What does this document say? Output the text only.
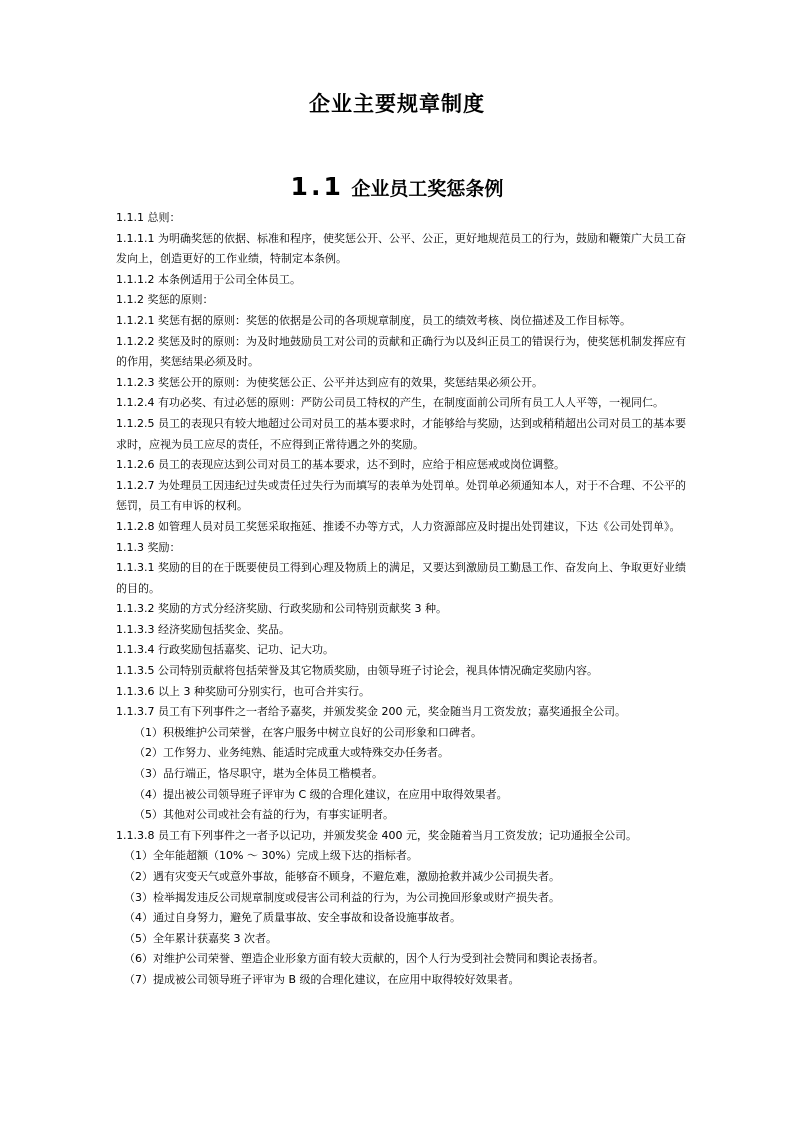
企业主要规章制度
1.1 企业员工奖惩条例

1.1.1 总则：

1.1.1.1 为明确奖惩的依据、标准和程序，使奖惩公开、公平、公正，更好地规范员工的行为，鼓励和鞭策广大员工奋发向上，创造更好的工作业绩，特制定本条例。

1.1.1.2 本条例适用于公司全体员工。

1.1.2 奖惩的原则：

1.1.2.1 奖惩有据的原则：奖惩的依据是公司的各项规章制度，员工的绩效考核、岗位描述及工作目标等。

1.1.2.2 奖惩及时的原则：为及时地鼓励员工对公司的贡献和正确行为以及纠正员工的错误行为，使奖惩机制发挥应有的作用，奖惩结果必须及时。

1.1.2.3 奖惩公开的原则：为使奖惩公正、公平并达到应有的效果，奖惩结果必须公开。

1.1.2.4 有功必奖、有过必惩的原则：严防公司员工特权的产生，在制度面前公司所有员工人人平等，一视同仁。

1.1.2.5 员工的表现只有较大地超过公司对员工的基本要求时，才能够给与奖励，达到或稍稍超出公司对员工的基本要求时，应视为员工应尽的责任，不应得到正常待遇之外的奖励。

1.1.2.6 员工的表现应达到公司对员工的基本要求，达不到时，应给于相应惩戒或岗位调整。

1.1.2.7 为处理员工因违纪过失或责任过失行为而填写的表单为处罚单。处罚单必须通知本人，对于不合理、不公平的惩罚，员工有申诉的权利。

1.1.2.8 如管理人员对员工奖惩采取拖延、推诿不办等方式，人力资源部应及时提出处罚建议，下达《公司处罚单》。

1.1.3 奖励：

1.1.3.1 奖励的目的在于既要使员工得到心理及物质上的满足，又要达到激励员工勤恳工作、奋发向上、争取更好业绩的目的。

1.1.3.2 奖励的方式分经济奖励、行政奖励和公司特别贡献奖 3 种。

1.1.3.3 经济奖励包括奖金、奖品。

1.1.3.4 行政奖励包括嘉奖、记功、记大功。

1.1.3.5 公司特别贡献将包括荣誉及其它物质奖励，由领导班子讨论会，视具体情况确定奖励内容。

1.1.3.6 以上 3 种奖励可分别实行，也可合并实行。

1.1.3.7 员工有下列事件之一者给予嘉奖，并颁发奖金 200 元，奖金随当月工资发放；嘉奖通报全公司。

（1）积极维护公司荣誉，在客户服务中树立良好的公司形象和口碑者。

（2）工作努力、业务纯熟、能适时完成重大或特殊交办任务者。

（3）品行端正，恪尽职守，堪为全体员工楷模者。

（4）提出被公司领导班子评审为 C 级的合理化建议，在应用中取得效果者。

（5）其他对公司或社会有益的行为，有事实证明者。

1.1.3.8 员工有下列事件之一者予以记功，并颁发奖金 400 元，奖金随着当月工资发放；记功通报全公司。

（1）全年能超额（10% ～ 30%）完成上级下达的指标者。

（2）遇有灾变天气或意外事故，能够奋不顾身，不避危难，激励抢救并减少公司损失者。

（3）检举揭发违反公司规章制度或侵害公司利益的行为，为公司挽回形象或财产损失者。

（4）通过自身努力，避免了质量事故、安全事故和设备设施事故者。

（5）全年累计获嘉奖 3 次者。

（6）对维护公司荣誉、塑造企业形象方面有较大贡献的，因个人行为受到社会赞同和舆论表扬者。

（7）提成被公司领导班子评审为 B 级的合理化建议，在应用中取得较好效果者。
